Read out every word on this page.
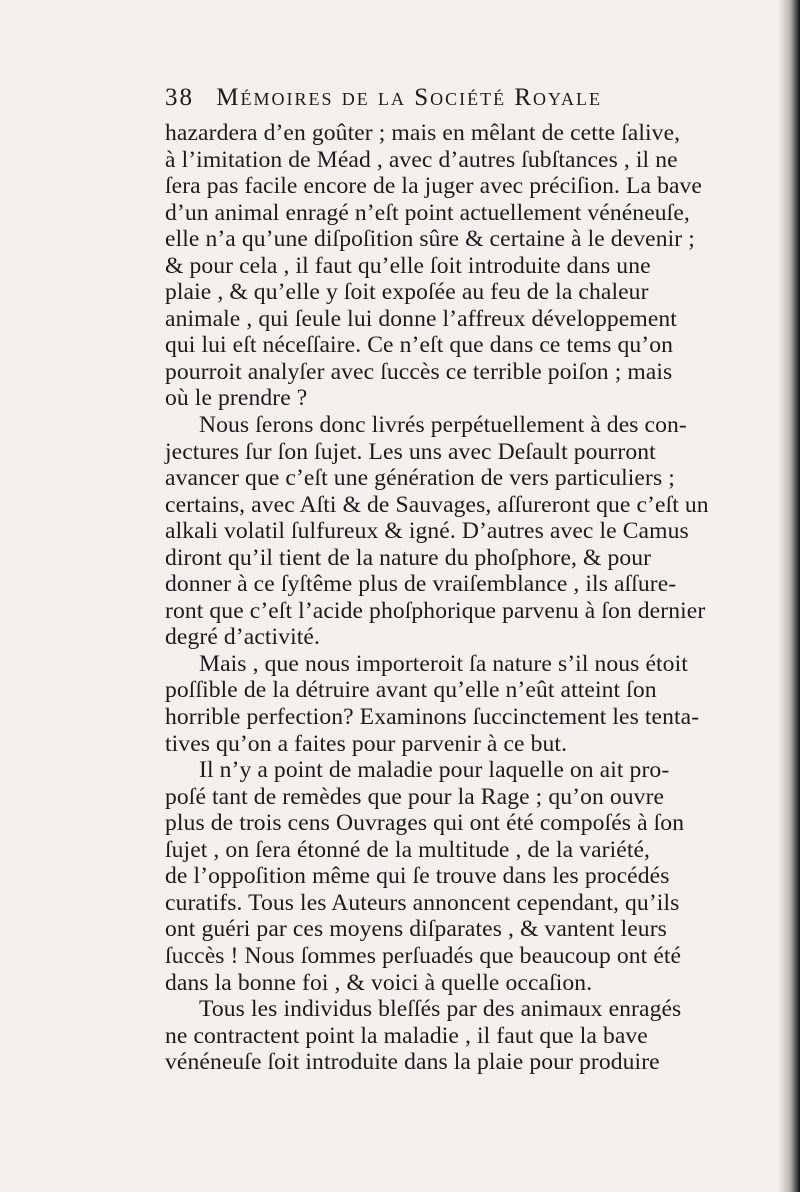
38 Mémoires de la Société Royale
hazardera d’en goûter ; mais en mêlant de cette ſalive,
à l’imitation de Méad , avec d’autres ſubſtances , il ne
ſera pas facile encore de la juger avec préciſion. La bave
d’un animal enragé n’eſt point actuellement vénéneuſe,
elle n’a qu’une diſpoſition sûre & certaine à le devenir ;
& pour cela , il faut qu’elle ſoit introduite dans une
plaie , & qu’elle y ſoit expoſée au feu de la chaleur
animale , qui ſeule lui donne l’affreux développement
qui lui eſt néceſſaire. Ce n’eſt que dans ce tems qu’on
pourroit analyſer avec ſuccès ce terrible poiſon ; mais
où le prendre ?
Nous ſerons donc livrés perpétuellement à des con-
jectures ſur ſon ſujet. Les uns avec Deſault pourront
avancer que c’eſt une génération de vers particuliers ;
certains, avec Aſti & de Sauvages, aſſureront que c’eſt un
alkali volatil ſulfureux & igné. D’autres avec le Camus
diront qu’il tient de la nature du phoſphore, & pour
donner à ce ſyſtême plus de vraiſemblance , ils aſſure-
ront que c’eſt l’acide phoſphorique parvenu à ſon dernier
degré d’activité.
Mais , que nous importeroit ſa nature s’il nous étoit
poſſible de la détruire avant qu’elle n’eût atteint ſon
horrible perfection? Examinons ſuccinctement les tenta-
tives qu’on a faites pour parvenir à ce but.
Il n’y a point de maladie pour laquelle on ait pro-
poſé tant de remèdes que pour la Rage ; qu’on ouvre
plus de trois cens Ouvrages qui ont été compoſés à ſon
ſujet , on ſera étonné de la multitude , de la variété,
de l’oppoſition même qui ſe trouve dans les procédés
curatifs. Tous les Auteurs annoncent cependant, qu’ils
ont guéri par ces moyens diſparates , & vantent leurs
ſuccès ! Nous ſommes perſuadés que beaucoup ont été
dans la bonne foi , & voici à quelle occaſion.
Tous les individus bleſſés par des animaux enragés
ne contractent point la maladie , il faut que la bave
vénéneuſe ſoit introduite dans la plaie pour produire
